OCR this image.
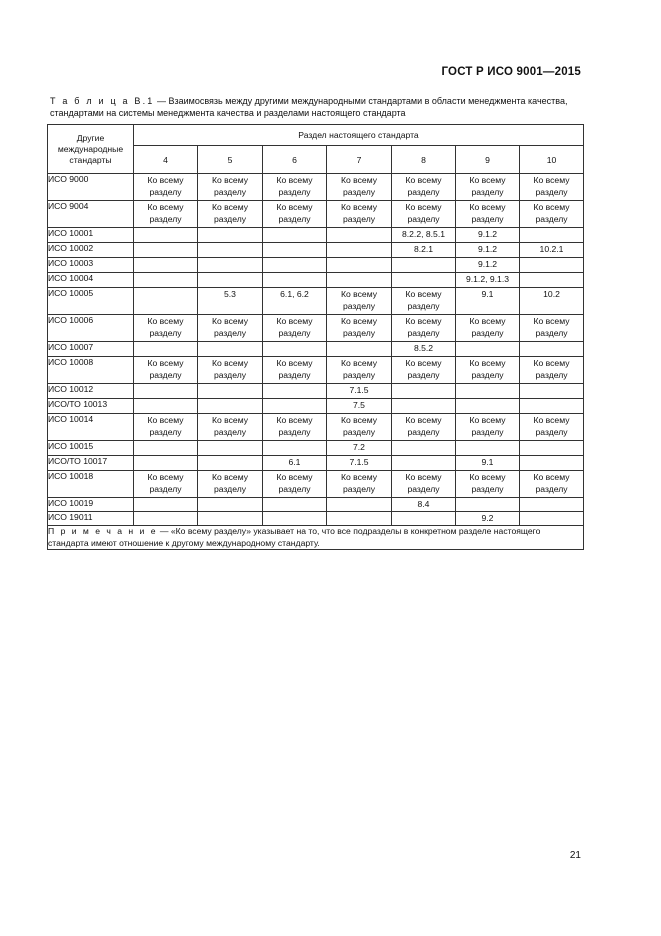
ГОСТ Р ИСО 9001—2015
Т а б л и ц а В.1 — Взаимосвязь между другими международными стандартами в области менеджмента качества,
стандартами на системы менеджмента качества и разделами настоящего стандарта
Другие международные стандарты	Раздел настоящего стандарта						
	4	5	6	7	8	9	10
ИСО 9000	Ко всему разделу	Ко всему разделу	Ко всему разделу	Ко всему разделу	Ко всему разделу	Ко всему разделу	Ко всему разделу
ИСО 9004	Ко всему разделу	Ко всему разделу	Ко всему разделу	Ко всему разделу	Ко всему разделу	Ко всему разделу	Ко всему разделу
ИСО 10001					8.2.2, 8.5.1	9.1.2	
ИСО 10002					8.2.1	9.1.2	10.2.1
ИСО 10003						9.1.2	
ИСО 10004						9.1.2, 9.1.3	
ИСО 10005		5.3	6.1, 6.2	Ко всему разделу	Ко всему разделу	9.1	10.2
ИСО 10006	Ко всему разделу	Ко всему разделу	Ко всему разделу	Ко всему разделу	Ко всему разделу	Ко всему разделу	Ко всему разделу
ИСО 10007					8.5.2		
ИСО 10008	Ко всему разделу	Ко всему разделу	Ко всему разделу	Ко всему разделу	Ко всему разделу	Ко всему разделу	Ко всему разделу
ИСО 10012				7.1.5			
ИСО/ТО 10013				7.5			
ИСО 10014	Ко всему разделу	Ко всему разделу	Ко всему разделу	Ко всему разделу	Ко всему разделу	Ко всему разделу	Ко всему разделу
ИСО 10015				7.2			
ИСО/ТО 10017			6.1	7.1.5		9.1	
ИСО 10018	Ко всему разделу	Ко всему разделу	Ко всему разделу	Ко всему разделу	Ко всему разделу	Ко всему разделу	Ко всему разделу
ИСО 10019					8.4		
ИСО 19011						9.2	
П р и м е ч а н и е — «Ко всему разделу» указывает на то, что все подразделы в конкретном разделе настоящего стандарта имеют отношение к другому международному стандарту.							
21
